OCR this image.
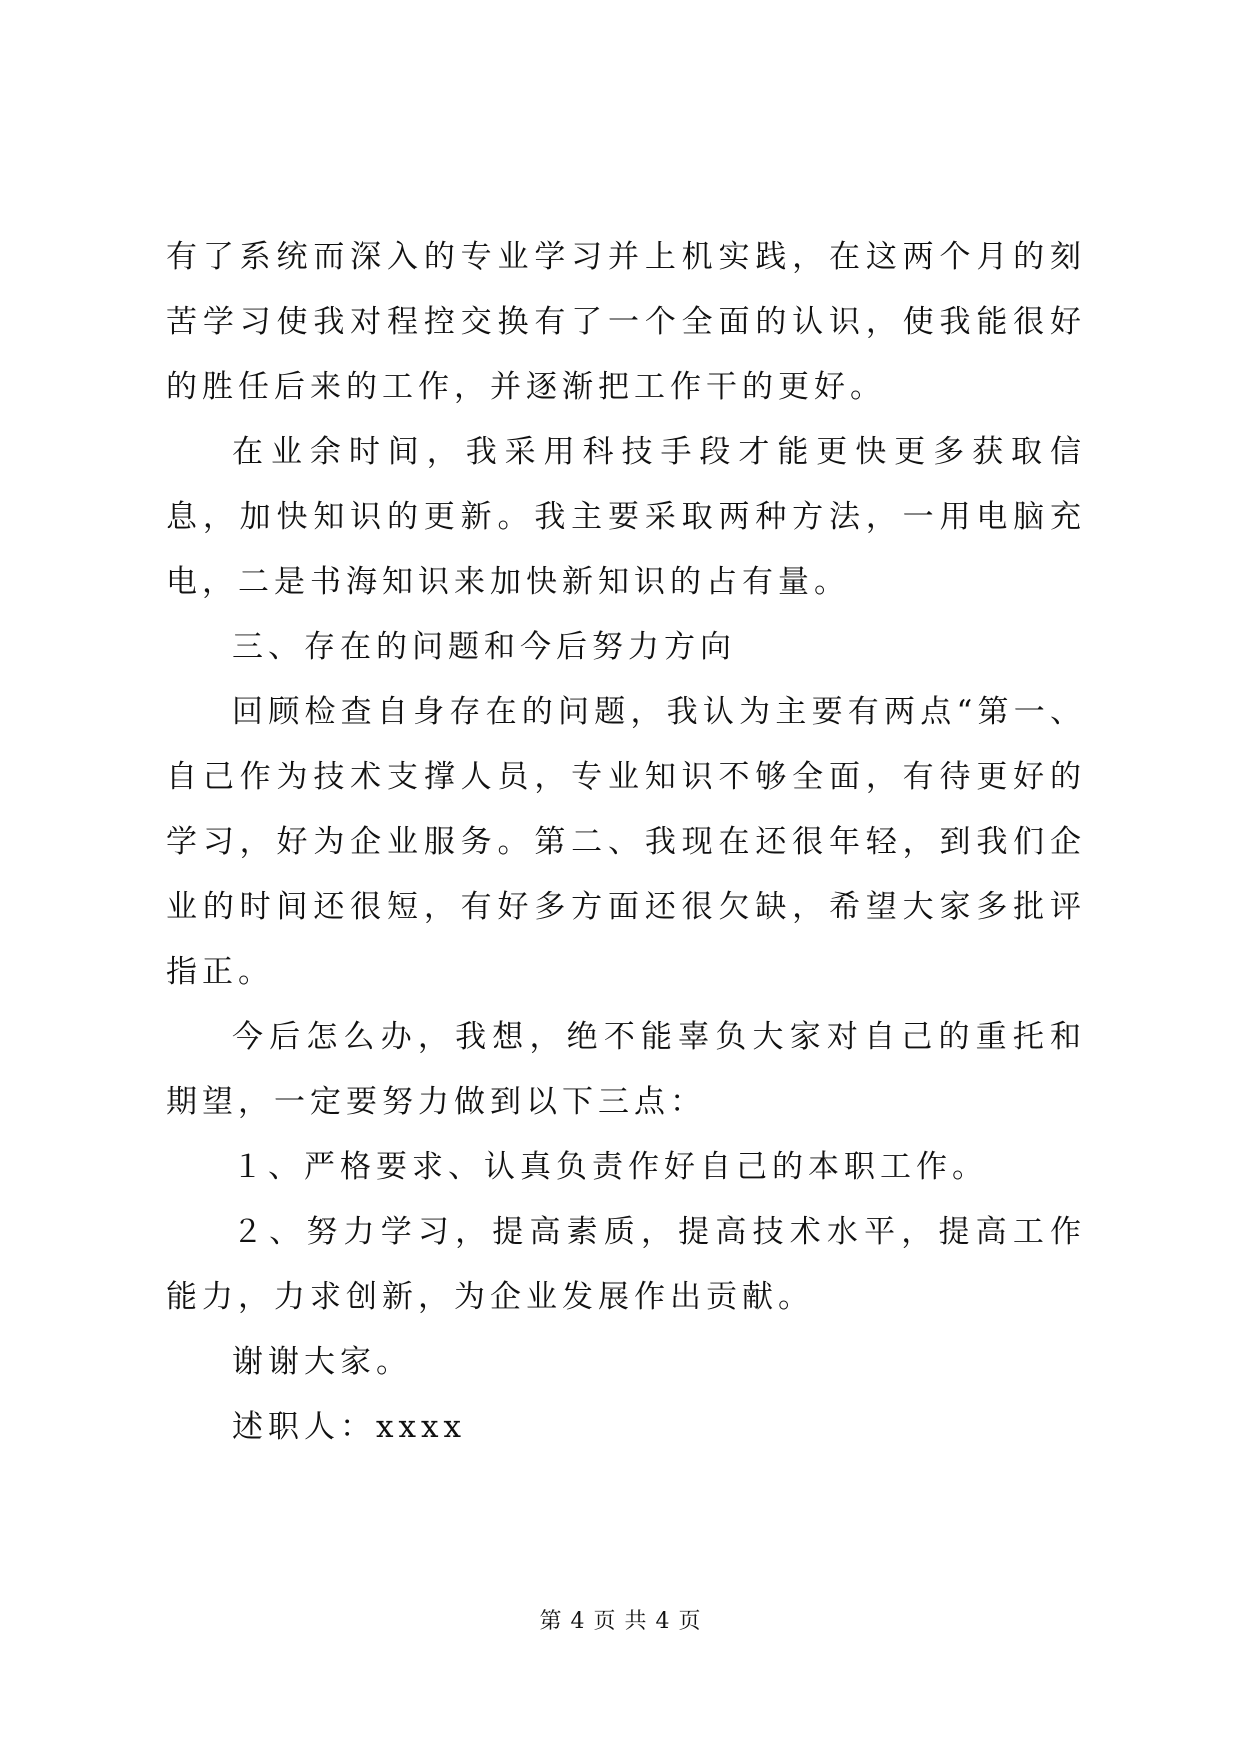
有了系统而深入的专业学习并上机实践，在这两个月的刻苦学习使我对程控交换有了一个全面的认识，使我能很好的胜任后来的工作，并逐渐把工作干的更好。

在业余时间，我采用科技手段才能更快更多获取信息，加快知识的更新。我主要采取两种方法，一用电脑充电，二是书海知识来加快新知识的占有量。

三、存在的问题和今后努力方向

回顾检查自身存在的问题，我认为主要有两点“第一、自己作为技术支撑人员，专业知识不够全面，有待更好的学习，好为企业服务。第二、我现在还很年轻，到我们企业的时间还很短，有好多方面还很欠缺，希望大家多批评指正。

今后怎么办，我想，绝不能辜负大家对自己的重托和期望，一定要努力做到以下三点：

１、严格要求、认真负责作好自己的本职工作。

２、努力学习，提高素质，提高技术水平，提高工作能力，力求创新，为企业发展作出贡献。

谢谢大家。

述职人：xxxx

第 4 页 共 4 页
